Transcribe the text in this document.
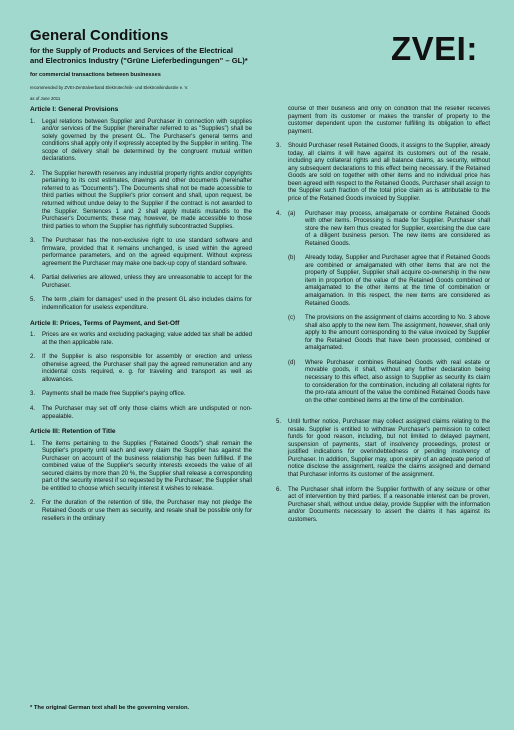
General Conditions
for the Supply of Products and Services of the Electrical
and Electronics Industry ("Grüne Lieferbedingungen" – GL)*	ZVEI:
for commercial transactions between businesses
recommended by ZVEI-Zentralverband Elektrotechnik- und Elektronikindustrie e. V.
as of June 2011
Article I: General Provisions
1.	Legal relations between Supplier and Purchaser in connection with supplies and/or services of the Supplier (hereinafter referred to as "Supplies") shall be solely governed by the present GL. The Purchaser's general terms and conditions shall apply only if expressly accepted by the Supplier in writing. The scope of delivery shall be determined by the congruent mutual written declarations.
2.	The Supplier herewith reserves any industrial property rights and/or copyrights pertaining to its cost estimates, drawings and other documents (hereinafter referred to as "Documents"). The Documents shall not be made accessible to third parties without the Supplier's prior consent and shall, upon request, be returned without undue delay to the Supplier if the contract is not awarded to the Supplier. Sentences 1 and 2 shall apply mutatis mutandis to the Purchaser's Documents; these may, however, be made accessible to those third parties to whom the Supplier has rightfully subcontracted Supplies.
3.	The Purchaser has the non-exclusive right to use standard software and firmware, provided that it remains unchanged, is used within the agreed performance parameters, and on the agreed equipment. Without express agreement the Purchaser may make one back-up copy of standard software.
4.	Partial deliveries are allowed, unless they are unreasonable to accept for the Purchaser.
5.	The term „claim for damages“ used in the present GL also includes claims for indemnification for useless expenditure.
Article II: Prices, Terms of Payment, and Set-Off
1.	Prices are ex works and excluding packaging; value added tax shall be added at the then applicable rate.
2.	If the Supplier is also responsible for assembly or erection and unless otherwise agreed, the Purchaser shall pay the agreed remuneration and any incidental costs required, e. g. for traveling and transport as well as allowances.
3.	Payments shall be made free Supplier's paying office.
4.	The Purchaser may set off only those claims which are undisputed or non- appealable.
Article III: Retention of Title
1.	The items pertaining to the Supplies ("Retained Goods") shall remain the Supplier's property until each and every claim the Supplier has against the Purchaser on account of the business relationship has been fulfilled. If the combined value of the Supplier's security interests exceeds the value of all secured claims by more than 20 %, the Supplier shall release a corresponding part of the security interest if so requested by the Purchaser; the Supplier shall be entitled to choose which security interest it wishes to release.
2.	For the duration of the retention of title, the Purchaser may not pledge the Retained Goods or use them as security, and resale shall be possible only for resellers in the ordinary
course of their business and only on condition that the reseller receives payment from its customer or makes the transfer of property to the customer dependent upon the customer fulfilling its obligation to effect payment.
3.	Should Purchaser resell Retained Goods, it assigns to the Supplier, already today, all claims it will have against its customers out of the resale, including any collateral rights and all balance claims, as security, without any subsequent declarations to this effect being necessary. If the Retained Goods are sold on together with other items and no individual price has been agreed with respect to the Retained Goods, Purchaser shall assign to the Supplier such fraction of the total price claim as is attributable to the price of the Retained Goods invoiced by Supplier.
4.	(a)	Purchaser may process, amalgamate or combine Retained Goods with other items. Processing is made for Supplier. Purchaser shall store the new item thus created for Supplier, exercising the due care of a diligent business person. The new items are considered as Retained Goods.
(b)	Already today, Supplier and Purchaser agree that if Retained Goods are combined or amalgamated with other items that are not the property of Supplier, Supplier shall acquire co-ownership in the new item in proportion of the value of the Retained Goods combined or amalgamated to the other items at the time of combination or amalgamation. In this respect, the new items are considered as Retained Goods.
(c)	The provisions on the assignment of claims according to No. 3 above shall also apply to the new item. The assignment, however, shall only apply to the amount corresponding to the value invoiced by Supplier for the Retained Goods that have been processed, combined or amalgamated.
(d)	Where Purchaser combines Retained Goods with real estate or movable goods, it shall, without any further declaration being necessary to this effect, also assign to Supplier as security its claim to consideration for the combination, including all collateral rights for the pro-rata amount of the value the combined Retained Goods have on the other combined items at the time of the combination.
5.	Until further notice, Purchaser may collect assigned claims relating to the resale. Supplier is entitled to withdraw Purchaser's permission to collect funds for good reason, including, but not limited to delayed payment, suspension of payments, start of insolvency proceedings, protest or justified indications for overindebtedness or pending insolvency of Purchaser. In addition, Supplier may, upon expiry of an adequate period of notice disclose the assignment, realize the claims assigned and demand that Purchaser informs its customer of the assignment.
6.	The Purchaser shall inform the Supplier forthwith of any seizure or other act of intervention by third parties. If a reasonable interest can be proven, Purchaser shall, without undue delay, provide Supplier with the information and/or Documents necessary to assert the claims it has against its customers.
* The original German text shall be the governing version.
